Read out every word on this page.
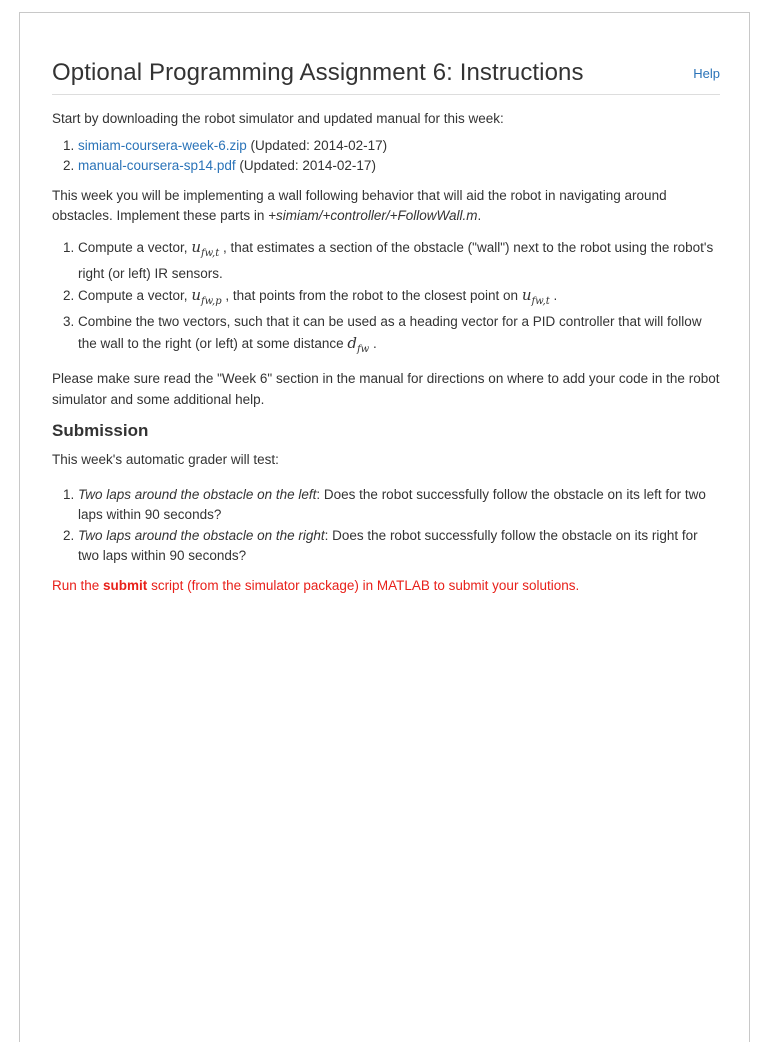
Optional Programming Assignment 6: Instructions	Help

Start by downloading the robot simulator and updated manual for this week:

1. simiam-coursera-week-6.zip (Updated: 2014-02-17)
2. manual-coursera-sp14.pdf (Updated: 2014-02-17)

This week you will be implementing a wall following behavior that will aid the robot in navigating around obstacles. Implement these parts in +simiam/+controller/+FollowWall.m.

1. Compute a vector, $u_{fw,t}$ , that estimates a section of the obstacle ("wall") next to the robot using the robot's right (or left) IR sensors.
2. Compute a vector, $u_{fw,p}$ , that points from the robot to the closest point on $u_{fw,t}$ .
3. Combine the two vectors, such that it can be used as a heading vector for a PID controller that will follow the wall to the right (or left) at some distance $d_{fw}$ .

Please make sure read the "Week 6" section in the manual for directions on where to add your code in the robot simulator and some additional help.

Submission

This week's automatic grader will test:

1. Two laps around the obstacle on the left: Does the robot successfully follow the obstacle on its left for two laps within 90 seconds?
2. Two laps around the obstacle on the right: Does the robot successfully follow the obstacle on its right for two laps within 90 seconds?

Run the submit script (from the simulator package) in MATLAB to submit your solutions.
